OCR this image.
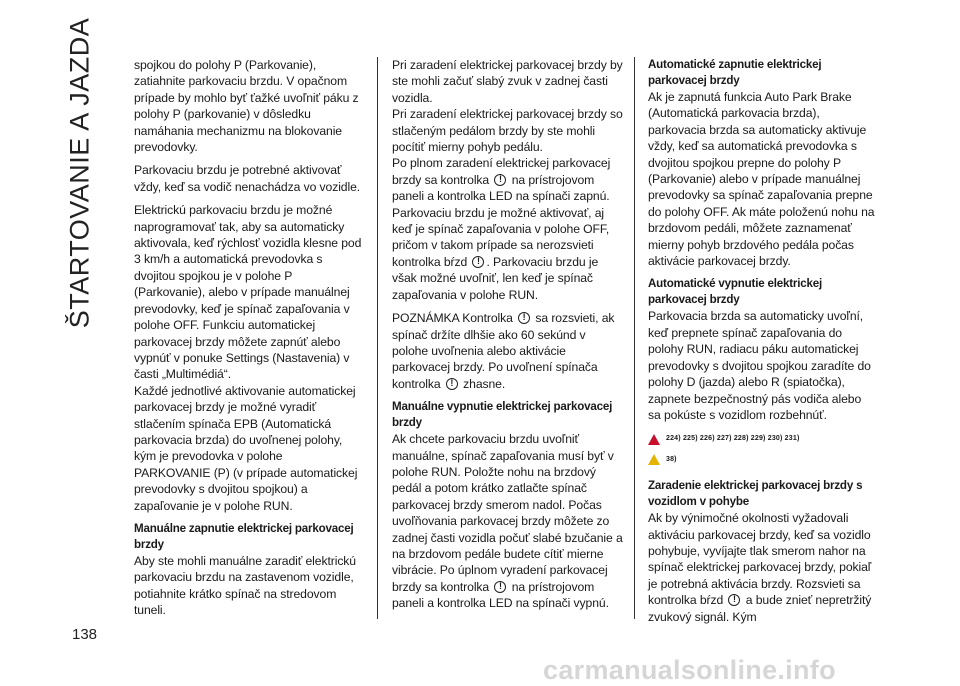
ŠTARTOVANIE A JAZDA	spojkou do polohy P (Parkovanie), zatiahnite parkovaciu brzdu. V opačnom prípade by mohlo byť ťažké uvoľniť páku z polohy P (parkovanie) v dôsledku namáhania mechanizmu na blokovanie prevodovky.

Parkovaciu brzdu je potrebné aktivovať vždy, keď sa vodič nenachádza vo vozidle.

Elektrickú parkovaciu brzdu je možné naprogramovať tak, aby sa automaticky aktivovala, keď rýchlosť vozidla klesne pod 3 km/h a automatická prevodovka s dvojitou spojkou je v polohe P (Parkovanie), alebo v prípade manuálnej prevodovky, keď je spínač zapaľovania v polohe OFF. Funkciu automatickej parkovacej brzdy môžete zapnúť alebo vypnúť v ponuke Settings (Nastavenia) v časti „Multimédiá“.

Každé jednotlivé aktivovanie automatickej parkovacej brzdy je možné vyradiť stlačením spínača EPB (Automatická parkovacia brzda) do uvoľnenej polohy, kým je prevodovka v polohe PARKOVANIE (P) (v prípade automatickej prevodovky s dvojitou spojkou) a zapaľovanie je v polohe RUN.

Manuálne zapnutie elektrickej parkovacej brzdy

Aby ste mohli manuálne zaradiť elektrickú parkovaciu brzdu na zastavenom vozidle, potiahnite krátko spínač na stredovom tuneli.

Pri zaradení elektrickej parkovacej brzdy by ste mohli začuť slabý zvuk v zadnej časti vozidla.

Pri zaradení elektrickej parkovacej brzdy so stlačeným pedálom brzdy by ste mohli pocítiť mierny pohyb pedálu.

Po plnom zaradení elektrickej parkovacej brzdy sa kontrolka ! na prístrojovom paneli a kontrolka LED na spínači zapnú.

Parkovaciu brzdu je možné aktivovať, aj keď je spínač zapaľovania v polohe OFF, pričom v takom prípade sa nerozsvieti kontrolka bŕzd ! . Parkovaciu brzdu je však možné uvoľniť, len keď je spínač zapaľovania v polohe RUN.

POZNÁMKA Kontrolka ! sa rozsvieti, ak spínač držíte dlhšie ako 60 sekúnd v polohe uvoľnenia alebo aktivácie parkovacej brzdy. Po uvoľnení spínača kontrolka ! zhasne.

Manuálne vypnutie elektrickej parkovacej brzdy

Ak chcete parkovaciu brzdu uvoľniť manuálne, spínač zapaľovania musí byť v polohe RUN. Položte nohu na brzdový pedál a potom krátko zatlačte spínač parkovacej brzdy smerom nadol. Počas uvoľňovania parkovacej brzdy môžete zo zadnej časti vozidla počuť slabé bzučanie a na brzdovom pedále budete cítiť mierne vibrácie. Po úplnom vyradení parkovacej brzdy sa kontrolka ! na prístrojovom paneli a kontrolka LED na spínači vypnú.

Automatické zapnutie elektrickej parkovacej brzdy

Ak je zapnutá funkcia Auto Park Brake (Automatická parkovacia brzda), parkovacia brzda sa automaticky aktivuje vždy, keď sa automatická prevodovka s dvojitou spojkou prepne do polohy P (Parkovanie) alebo v prípade manuálnej prevodovky sa spínač zapaľovania prepne do polohy OFF. Ak máte položenú nohu na brzdovom pedáli, môžete zaznamenať mierny pohyb brzdového pedála počas aktivácie parkovacej brzdy.

Automatické vypnutie elektrickej parkovacej brzdy

Parkovacia brzda sa automaticky uvoľní, keď prepnete spínač zapaľovania do polohy RUN, radiacu páku automatickej prevodovky s dvojitou spojkou zaradíte do polohy D (jazda) alebo R (spiatočka), zapnete bezpečnostný pás vodiča alebo sa pokúste s vozidlom rozbehnúť.

224) 225) 226) 227) 228) 229) 230) 231)
38)
Zaradenie elektrickej parkovacej brzdy s vozidlom v pohybe

Ak by výnimočné okolnosti vyžadovali aktiváciu parkovacej brzdy, keď sa vozidlo pohybuje, vyvíjajte tlak smerom nahor na spínač elektrickej parkovacej brzdy, pokiaľ je potrebná aktivácia brzdy. Rozsvieti sa kontrolka bŕzd ! a bude znieť nepretržitý zvukový signál. Kým

138
carmanualsonline.info
